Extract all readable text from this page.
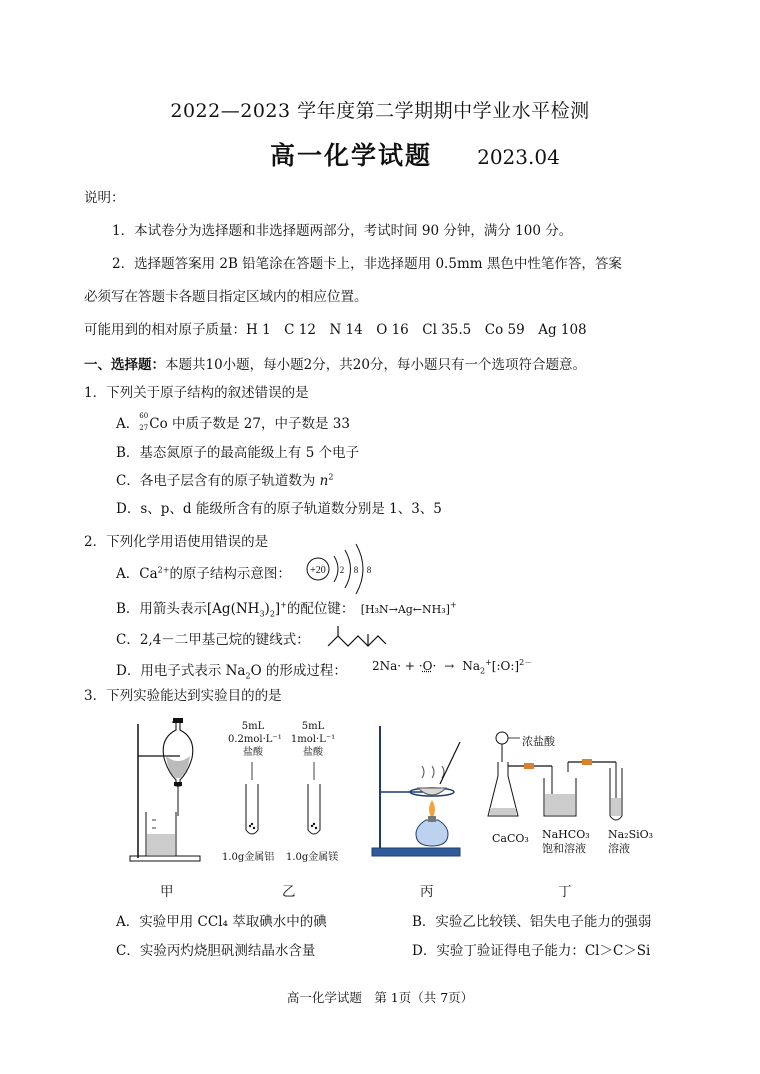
2022—2023 学年度第二学期期中学业水平检测
高一化学试题 2023.04
说明：
1．本试卷分为选择题和非选择题两部分，考试时间 90 分钟，满分 100 分。
2．选择题答案用 2B 铅笔涂在答题卡上，非选择题用 0.5mm 黑色中性笔作答，答案
必须写在答题卡各题目指定区域内的相应位置。
可能用到的相对原子质量：H 1　C 12　N 14　O 16　Cl 35.5　Co 59　Ag 108
一、选择题：本题共10小题，每小题2分，共20分，每小题只有一个选项符合题意。
1．下列关于原子结构的叙述错误的是
A．
60
27 Co 中质子数是 27，中子数是 33
B．基态氮原子的最高能级上有 5 个电子
C．各电子层含有的原子轨道数为 $n^2$
D．s、p、d 能级所含有的原子轨道数分别是 1、3、5
2．下列化学用语使用错误的是
A．$Ca^{2+}$的原子结构示意图： +20 2 8 8
B．用箭头表示$[Ag(NH_3)_2]^+$的配位键： [H₃N→Ag←NH₃]+
C．2,4－二甲基己烷的键线式：
D．用电子式表示 $Na_2O$ 的形成过程： $2Na\cdot + \cdot O\cdot \to Na_2^+[:O:]^{2-}$
3．下列实验能达到实验目的的是
5mL
0.2mol·L⁻¹
盐酸
5mL
1mol·L⁻¹
盐酸
1.0g金属铝 1.0g金属镁
浓盐酸
CaCO₃ NaHCO₃
饱和溶液
Na₂SiO₃
溶液
甲	乙	丙	丁
A．实验甲用 CCl₄ 萃取碘水中的碘	B．实验乙比较镁、铝失电子能力的强弱
C．实验丙灼烧胆矾测结晶水含量	D．实验丁验证得电子能力：Cl＞C＞Si
高一化学试题　第 1页（共 7页）
